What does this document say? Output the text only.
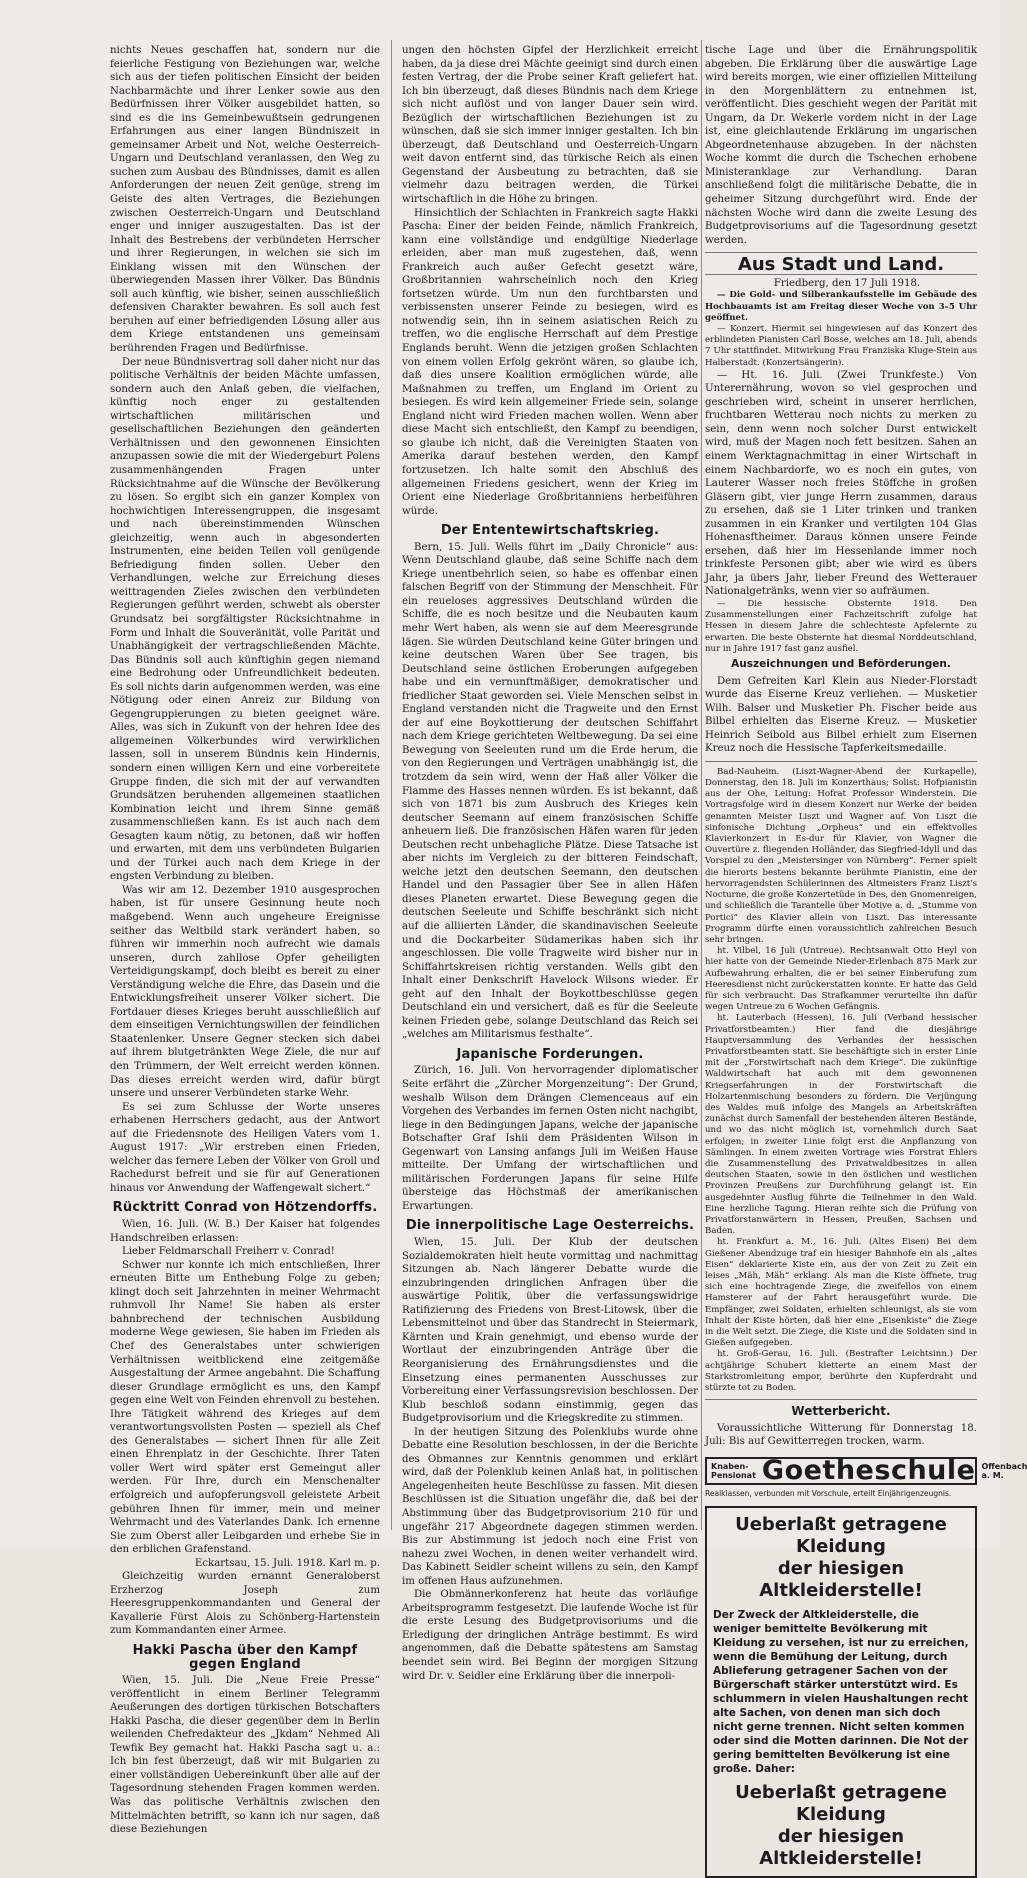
nichts Neues geschaffen hat, sondern nur die feierliche Festigung von Beziehungen war, welche sich aus der tiefen politischen Einsicht der beiden Nachbarmächte und ihrer Lenker sowie aus den Bedürfnissen ihrer Völker ausgebildet hatten, so sind es die ins Gemeinbewußtsein gedrungenen Erfahrungen aus einer langen Bündniszeit in gemeinsamer Arbeit und Not, welche Oesterreich-Ungarn und Deutschland veranlassen, den Weg zu suchen zum Ausbau des Bündnisses, damit es allen Anforderungen der neuen Zeit genüge, streng im Geiste des alten Vertrages, die Beziehungen zwischen Oesterreich-Ungarn und Deutschland enger und inniger auszugestalten. Das ist der Inhalt des Bestrebens der verbündeten Herrscher und ihrer Regierungen, in welchen sie sich im Einklang wissen mit den Wünschen der überwiegenden Massen ihrer Völker. Das Bündnis soll auch künftig, wie bisher, seinen ausschließlich defensiven Charakter bewahren. Es soll auch fest beruhen auf einer befriedigenden Lösung aller aus dem Kriege entstandenen uns gemeinsam berührenden Fragen und Bedürfnisse.

Der neue Bündnisvertrag soll daher nicht nur das politische Verhältnis der beiden Mächte umfassen, sondern auch den Anlaß geben, die vielfachen, künftig noch enger zu gestaltenden wirtschaftlichen militärischen und gesellschaftlichen Beziehungen den geänderten Verhältnissen und den gewonnenen Einsichten anzupassen sowie die mit der Wiedergeburt Polens zusammenhängenden Fragen unter Rücksichtnahme auf die Wünsche der Bevölkerung zu lösen. So ergibt sich ein ganzer Komplex von hochwichtigen Interessengruppen, die insgesamt und nach übereinstimmenden Wünschen gleichzeitig, wenn auch in abgesonderten Instrumenten, eine beiden Teilen voll genügende Befriedigung finden sollen. Ueber den Verhandlungen, welche zur Erreichung dieses weittragenden Zieles zwischen den verbündeten Regierungen geführt werden, schwebt als oberster Grundsatz bei sorgfältigster Rücksichtnahme in Form und Inhalt die Souveränität, volle Parität und Unabhängigkeit der vertragschließenden Mächte. Das Bündnis soll auch künftighin gegen niemand eine Bedrohung oder Unfreundlichkeit bedeuten. Es soll nichts darin aufgenommen werden, was eine Nötigung oder einen Anreiz zur Bildung von Gegengruppierungen zu bieten geeignet wäre. Alles, was sich in Zukunft von der hehren Idee des allgemeinen Völkerbundes wird verwirklichen lassen, soll in unserem Bündnis kein Hindernis, sondern einen willigen Kern und eine vorbereitete Gruppe finden, die sich mit der auf verwandten Grundsätzen beruhenden allgemeinen staatlichen Kombination leicht und ihrem Sinne gemäß zusammenschließen kann. Es ist auch nach dem Gesagten kaum nötig, zu betonen, daß wir hoffen und erwarten, mit dem uns verbündeten Bulgarien und der Türkei auch nach dem Kriege in der engsten Verbindung zu bleiben.

Was wir am 12. Dezember 1910 ausgesprochen haben, ist für unsere Gesinnung heute noch maßgebend. Wenn auch ungeheure Ereignisse seither das Weltbild stark verändert haben, so führen wir immerhin noch aufrecht wie damals unseren, durch zahllose Opfer geheiligten Verteidigungskampf, doch bleibt es bereit zu einer Verständigung welche die Ehre, das Dasein und die Entwicklungsfreiheit unserer Völker sichert. Die Fortdauer dieses Krieges beruht ausschließlich auf dem einseitigen Vernichtungswillen der feindlichen Staatenlenker. Unsere Gegner stecken sich dabei auf ihrem blutgetränkten Wege Ziele, die nur auf den Trümmern, der Welt erreicht werden können. Das dieses erreicht werden wird, dafür bürgt unsere und unserer Verbündeten starke Wehr.

Es sei zum Schlusse der Worte unseres erhabenen Herrschers gedacht, aus der Antwort auf die Friedensnote des Heiligen Vaters vom 1. August 1917: „Wir erstreben einen Frieden, welcher das fernere Leben der Völker von Groll und Rachedurst befreit und sie für auf Generationen hinaus vor Anwendung der Waffengewalt sichert.“

Rücktritt Conrad von Hötzendorffs.

Wien, 16. Juli. (W. B.) Der Kaiser hat folgendes Handschreiben erlassen:

Lieber Feldmarschall Freiherr v. Conrad!

Schwer nur konnte ich mich entschließen, Ihrer erneuten Bitte um Enthebung Folge zu geben; klingt doch seit Jahrzehnten in meiner Wehrmacht ruhmvoll Ihr Name! Sie haben als erster bahnbrechend der technischen Ausbildung moderne Wege gewiesen, Sie haben im Frieden als Chef des Generalstabes unter schwierigen Verhältnissen weitblickend eine zeitgemäße Ausgestaltung der Armee angebahnt. Die Schaffung dieser Grundlage ermöglicht es uns, den Kampf gegen eine Welt von Feinden ehrenvoll zu bestehen. Ihre Tätigkeit während des Krieges auf dem verantwortungsvollsten Posten — speziell als Chef des Generalstabes — sichert Ihnen für alle Zeit einen Ehrenplatz in der Geschichte. Ihrer Taten voller Wert wird später erst Gemeingut aller werden. Für Ihre, durch ein Menschenalter erfolgreich und aufopferungsvoll geleistete Arbeit gebühren Ihnen für immer, mein und meiner Wehrmacht und des Vaterlandes Dank. Ich ernenne Sie zum Oberst aller Leibgarden und erhebe Sie in den erblichen Grafenstand.

Eckartsau, 15. Juli. 1918. Karl m. p.

Gleichzeitig wurden ernannt Generaloberst Erzherzog Joseph zum Heeresgruppenkommandanten und General der Kavallerie Fürst Alois zu Schönberg-Hartenstein zum Kommandanten einer Armee.

Hakki Pascha über den Kampf gegen England

Wien, 15. Juli. Die „Neue Freie Presse“ veröffentlicht in einem Berliner Telegramm Aeußerungen des dortigen türkischen Botschafters Hakki Pascha, die dieser gegenüber dem in Berlin weilenden Chefredakteur des „Jkdam“ Nehmed Ali Tewfik Bey gemacht hat. Hakki Pascha sagt u. a.: Ich bin fest überzeugt, daß wir mit Bulgarien zu einer vollständigen Uebereinkunft über alle auf der Tagesordnung stehenden Fragen kommen werden. Was das politische Verhältnis zwischen den Mittelmächten betrifft, so kann ich nur sagen, daß diese Beziehungen

ungen den höchsten Gipfel der Herzlichkeit erreicht haben, da ja diese drei Mächte geeinigt sind durch einen festen Vertrag, der die Probe seiner Kraft geliefert hat. Ich bin überzeugt, daß dieses Bündnis nach dem Kriege sich nicht auflöst und von langer Dauer sein wird. Bezüglich der wirtschaftlichen Beziehungen ist zu wünschen, daß sie sich immer inniger gestalten. Ich bin überzeugt, daß Deutschland und Oesterreich-Ungarn weit davon entfernt sind, das türkische Reich als einen Gegenstand der Ausbeutung zu betrachten, daß sie vielmehr dazu beitragen werden, die Türkei wirtschaftlich in die Höhe zu bringen.

Hinsichtlich der Schlachten in Frankreich sagte Hakki Pascha: Einer der beiden Feinde, nämlich Frankreich, kann eine vollständige und endgültige Niederlage erleiden, aber man muß zugestehen, daß, wenn Frankreich auch außer Gefecht gesetzt wäre, Großbritannien wahrscheinlich noch den Krieg fortsetzen würde. Um nun den furchtbarsten und verbissensten unserer Feinde zu besiegen, wird es notwendig sein, ihn in seinem asiatischen Reich zu treffen, wo die englische Herrschaft auf dem Prestige Englands beruht. Wenn die jetzigen großen Schlachten von einem vollen Erfolg gekrönt wären, so glaube ich, daß dies unsere Koalition ermöglichen würde, alle Maßnahmen zu treffen, um England im Orient zu besiegen. Es wird kein allgemeiner Friede sein, solange England nicht wird Frieden machen wollen. Wenn aber diese Macht sich entschließt, den Kampf zu beendigen, so glaube ich nicht, daß die Vereinigten Staaten von Amerika darauf bestehen werden, den Kampf fortzusetzen. Ich halte somit den Abschluß des allgemeinen Friedens gesichert, wenn der Krieg im Orient eine Niederlage Großbritanniens herbeiführen würde.

Der Ententewirtschaftskrieg.

Bern, 15. Juli. Wells führt im „Daily Chronicle“ aus: Wenn Deutschland glaube, daß seine Schiffe nach dem Kriege unentbehrlich seien, so habe es offenbar einen falschen Begriff von der Stimmung der Menschheit. Für ein reueloses aggressives Deutschland würden die Schiffe, die es noch besitze und die Neubauten kaum mehr Wert haben, als wenn sie auf dem Meeresgrunde lägen. Sie würden Deutschland keine Güter bringen und keine deutschen Waren über See tragen, bis Deutschland seine östlichen Eroberungen aufgegeben habe und ein vernunftmäßiger, demokratischer und friedlicher Staat geworden sei. Viele Menschen selbst in England verstanden nicht die Tragweite und den Ernst der auf eine Boykottierung der deutschen Schiffahrt nach dem Kriege gerichteten Weltbewegung. Da sei eine Bewegung von Seeleuten rund um die Erde herum, die von den Regierungen und Verträgen unabhängig ist, die trotzdem da sein wird, wenn der Haß aller Völker die Flamme des Hasses nennen würden. Es ist bekannt, daß sich von 1871 bis zum Ausbruch des Krieges kein deutscher Seemann auf einem französischen Schiffe anheuern ließ. Die französischen Häfen waren für jeden Deutschen recht unbehagliche Plätze. Diese Tatsache ist aber nichts im Vergleich zu der bitteren Feindschaft, welche jetzt den deutschen Seemann, den deutschen Handel und den Passagier über See in allen Häfen dieses Planeten erwartet. Diese Bewegung gegen die deutschen Seeleute und Schiffe beschränkt sich nicht auf die alliierten Länder, die skandinavischen Seeleute und die Dockarbeiter Südamerikas haben sich ihr angeschlossen. Die volle Tragweite wird bisher nur in Schiffahrtskreisen richtig verstanden. Wells gibt den Inhalt einer Denkschrift Havelock Wilsons wieder. Er geht auf den Inhalt der Boykottbeschlüsse gegen Deutschland ein und versichert, daß es für die Seeleute keinen Frieden gebe, solange Deutschland das Reich sei „welches am Militarismus festhalte“.

Japanische Forderungen.

Zürich, 16. Juli. Von hervorragender diplomatischer Seite erfährt die „Zürcher Morgenzeitung“: Der Grund, weshalb Wilson dem Drängen Clemenceaus auf ein Vorgehen des Verbandes im fernen Osten nicht nachgibt, liege in den Bedingungen Japans, welche der japanische Botschafter Graf Ishii dem Präsidenten Wilson in Gegenwart von Lansing anfangs Juli im Weißen Hause mitteilte. Der Umfang der wirtschaftlichen und militärischen Forderungen Japans für seine Hilfe übersteige das Höchstmaß der amerikanischen Erwartungen.

Die innerpolitische Lage Oesterreichs.

Wien, 15. Juli. Der Klub der deutschen Sozialdemokraten hielt heute vormittag und nachmittag Sitzungen ab. Nach längerer Debatte wurde die einzubringenden dringlichen Anfragen über die auswärtige Politik, über die verfassungswidrige Ratifizierung des Friedens von Brest-Litowsk, über die Lebensmittelnot und über das Standrecht in Steiermark, Kärnten und Krain genehmigt, und ebenso wurde der Wortlaut der einzubringenden Anträge über die Reorganisierung des Ernährungsdienstes und die Einsetzung eines permanenten Ausschusses zur Vorbereitung einer Verfassungsrevision beschlossen. Der Klub beschloß sodann einstimmig, gegen das Budgetprovisorium und die Kriegskredite zu stimmen.

In der heutigen Sitzung des Polenklubs wurde ohne Debatte eine Resolution beschlossen, in der die Berichte des Obmannes zur Kenntnis genommen und erklärt wird, daß der Polenklub keinen Anlaß hat, in politischen Angelegenheiten heute Beschlüsse zu fassen. Mit diesen Beschlüssen ist die Situation ungefähr die, daß bei der Abstimmung über das Budgetprovisorium 210 für und ungefähr 217 Abgeordnete dagegen stimmen werden. Bis zur Abstimmung ist jedoch noch eine Frist von nahezu zwei Wochen, in denen weiter verhandelt wird. Das Kabinett Seidler scheint willens zu sein, den Kampf im offenen Haus aufzunehmen.

Die Obmännerkonferenz hat heute das vorläufige Arbeitsprogramm festgesetzt. Die laufende Woche ist für die erste Lesung des Budgetprovisoriums und die Erledigung der dringlichen Anträge bestimmt. Es wird angenommen, daß die Debatte spätestens am Samstag beendet sein wird. Bei Beginn der morgigen Sitzung wird Dr. v. Seidler eine Erklärung über die innerpoli-

tische Lage und über die Ernährungspolitik abgeben. Die Erklärung über die auswärtige Lage wird bereits morgen, wie einer offiziellen Mitteilung in den Morgenblättern zu entnehmen ist, veröffentlicht. Dies geschieht wegen der Parität mit Ungarn, da Dr. Wekerle vordem nicht in der Lage ist, eine gleichlautende Erklärung im ungarischen Abgeordnetenhause abzugeben. In der nächsten Woche kommt die durch die Tschechen erhobene Ministeranklage zur Verhandlung. Daran anschließend folgt die militärische Debatte, die in geheimer Sitzung durchgeführt wird. Ende der nächsten Woche wird dann die zweite Lesung des Budgetprovisoriums auf die Tagesordnung gesetzt werden.

Aus Stadt und Land.

Friedberg, den 17 Juli 1918.

— Die Gold- und Silberankaufsstelle im Gebäude des Hochbauamts ist am Freitag dieser Woche von 3–5 Uhr geöffnet.

— Konzert. Hiermit sei hingewiesen auf das Konzert des erblindeten Pianisten Carl Bosse, welches am 18. Juli, abends 7 Uhr stattfindet. Mitwirkung Frau Franziska Kluge-Stein aus Halberstadt. (Konzertsängerin).

— Ht. 16. Juli. (Zwei Trunkfeste.) Von Unterernährung, wovon so viel gesprochen und geschrieben wird, scheint in unserer herrlichen, fruchtbaren Wetterau noch nichts zu merken zu sein, denn wenn noch solcher Durst entwickelt wird, muß der Magen noch fett besitzen. Sahen an einem Werktagnachmittag in einer Wirtschaft in einem Nachbardorfe, wo es noch ein gutes, von Lauterer Wasser noch freies Stöffche in großen Gläsern gibt, vier junge Herrn zusammen, daraus zu ersehen, daß sie 1 Liter trinken und tranken zusammen in ein Kranker und vertilgten 104 Glas Hohenasftheimer. Daraus können unsere Feinde ersehen, daß hier im Hessenlande immer noch trinkfeste Personen gibt; aber wie wird es übers Jahr, ja übers Jahr, lieber Freund des Wetterauer Nationalgetränks, wenn vier so aufräumen.

— Die hessische Obsternte 1918. Den Zusammenstellungen einer Fachzeitschrift zufolge hat Hessen in diesem Jahre die schlechteste Apfelernte zu erwarten. Die beste Obsternte hat diesmal Norddeutschland, nur in Jahre 1917 fast ganz ausfiel.

Auszeichnungen und Beförderungen.

Dem Gefreiten Karl Klein aus Nieder-Florstadt wurde das Eiserne Kreuz verliehen. — Musketier Wilh. Balser und Musketier Ph. Fischer beide aus Bilbel erhielten das Eiserne Kreuz. — Musketier Heinrich Seibold aus Bilbel erhielt zum Eisernen Kreuz noch die Hessische Tapferkeitsmedaille.

Bad-Nauheim. (Liszt-Wagner-Abend der Kurkapelle), Donnerstag, den 18. Juli im Konzerthaus; Solist: Hofpianistin aus der Ohe, Leitung: Hofrat Professor Winderstein. Die Vortragsfolge wird in diesem Konzert nur Werke der beiden genannten Meister Liszt und Wagner auf. Von Liszt die sinfonische Dichtung „Orpheus“ und ein effektvolles Klavierkonzert in Es-dur für Klavier, von Wagner die Ouvertüre z. fliegenden Holländer, das Siegfried-Idyll und das Vorspiel zu den „Meistersinger von Nürnberg“. Ferner spielt die hierorts bestens bekannte berühmte Pianistin, eine der hervorragendsten Schülerinnen des Altmeisters Franz Liszt's Nocturne, die große Konzertetüde in Des, den Gnomenreigen, und schließlich die Tarantelle über Motive a. d. „Stumme von Portici“ des Klavier allein von Liszt. Das interessante Programm dürfte einen voraussichtlich zahlreichen Besuch sehr bringen.

ht. Vilbel, 16 Juli (Untreue). Rechtsanwalt Otto Heyl von hier hatte von der Gemeinde Nieder-Erlenbach 875 Mark zur Aufbewahrung erhalten, die er bei seiner Einberufung zum Heeresdienst nicht zurückerstatten konnte. Er hatte das Geld für sich verbraucht. Das Strafkammer verurteilte ihn dafür wegen Untreue zu 6 Wochen Gefängnis.

ht. Lauterbach (Hessen), 16. Juli (Verband hessischer Privatforstbeamten.) Hier fand die diesjährige Hauptversammlung des Verbandes der hessischen Privatforstbeamten statt. Sie beschäftigte sich in erster Linie mit der „Forstwirtschaft nach dem Kriege“. Die zukünftige Waldwirtschaft hat auch mit dem gewonnenen Kriegserfahrungen in der Forstwirtschaft die Holzartenmischung besonders zu fördern. Die Verjüngung des Waldes muß infolge des Mangels an Arbeitskräften zunächst durch Samenfall der bestehenden älteren Bestände, und wo das nicht möglich ist, vornehmlich durch Saat erfolgen; in zweiter Linie folgt erst die Anpflanzung von Sämlingen. In einem zweiten Vortrage wies Forstrat Ehlers die Zusammenstellung des Privatwaldbesitzes in allen deutschen Staaten, sowie in den östlichen und westlichen Provinzen Preußens zur Durchführung gelangt ist. Ein ausgedehnter Ausflug führte die Teilnehmer in den Wald. Eine herzliche Tagung. Hieran reihte sich die Prüfung von Privatforstanwärtern in Hessen, Preußen, Sachsen und Baden.

ht. Frankfurt a. M., 16. Juli. (Altes Eisen) Bei dem Gießener Abendzuge traf ein hiesiger Bahnhofe ein als „altes Eisen“ deklarierte Kiste ein, aus der von Zeit zu Zeit ein leises „Mäh, Mäh“ erklang. Als man die Kiste öffnete, trug sich eine hochtragende Ziege, die zweifellos von einem Hamsterer auf der Fahrt herausgeführt wurde. Die Empfänger, zwei Soldaten, erhielten schleunigst, als sie vom Inhalt der Kiste hörten, daß hier eine „Eisenkiste“ die Ziege in die Welt setzt. Die Ziege, die Kiste und die Soldaten sind in Gießen aufgegeben.

ht. Groß-Gerau, 16. Juli. (Bestrafter Leichtsinn.) Der achtjährige Schubert kletterte an einem Mast der Starkstromleitung empor, berührte den Kupferdraht und stürzte tot zu Boden.

Wetterbericht.

Voraussichtliche Witterung für Donnerstag 18. Juli: Bis auf Gewitterregen trocken, warm.

Knaben-Pensionat Goetheschule Offenbach a. M.
Realklassen, verbunden mit Vorschule, erteilt Einjährigenzeugnis.
Ueberlaßt getragene Kleidung
der hiesigen Altkleiderstelle!
Der Zweck der Altkleiderstelle, die weniger bemittelte Bevölkerung mit Kleidung zu versehen, ist nur zu erreichen, wenn die Bemühung der Leitung, durch Ablieferung getragener Sachen von der Bürgerschaft stärker unterstützt wird. Es schlummern in vielen Haushaltungen recht alte Sachen, von denen man sich doch nicht gerne trennen. Nicht selten kommen oder sind die Motten darinnen. Die Not der gering bemittelten Bevölkerung ist eine große. Daher:
Ueberlaßt getragene Kleidung
der hiesigen Altkleiderstelle!
